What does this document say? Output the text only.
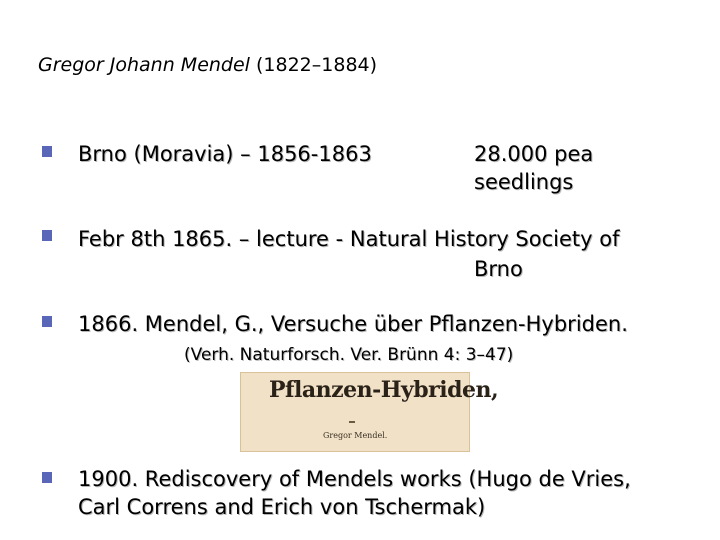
Gregor Johann Mendel (1822–1884)
Brno (Moravia) – 1856-1863	28.000 pea
seedlings
Febr 8th 1865. – lecture - Natural History Society of
Brno
1866. Mendel, G., Versuche über Pflanzen-Hybriden.
(Verh. Naturforsch. Ver. Brünn 4: 3–47)
Pflanzen-Hybriden,
Gregor Mendel.
1900. Rediscovery of Mendels works (Hugo de Vries,
Carl Correns and Erich von Tschermak)
